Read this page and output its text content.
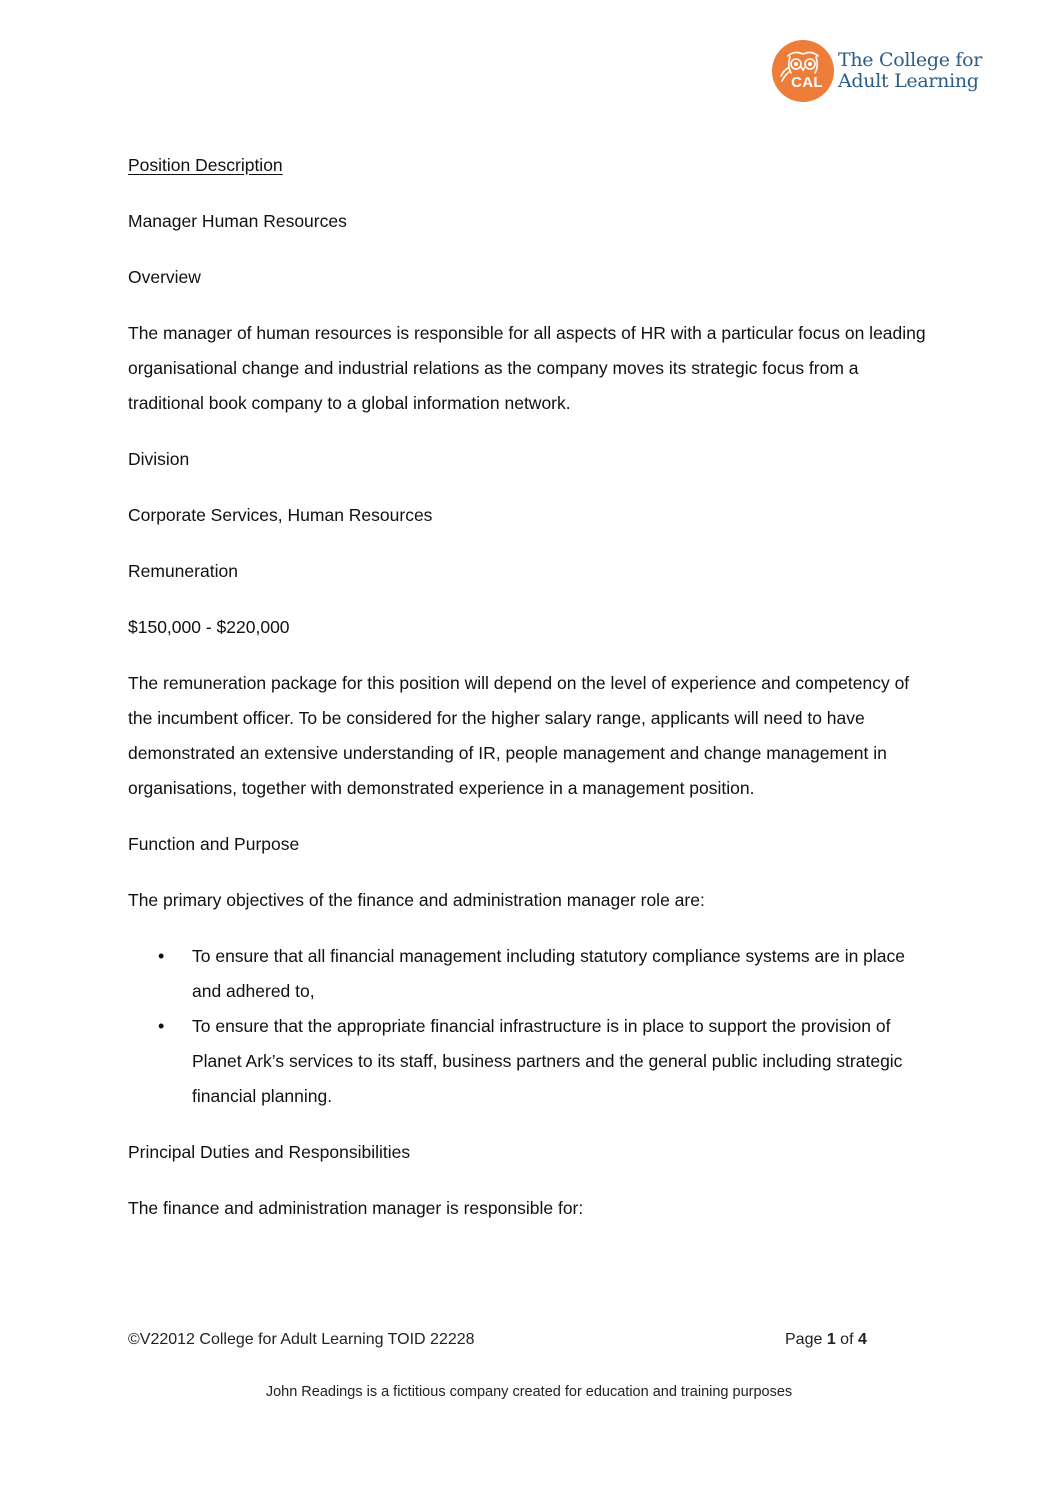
CAL
The College for
Adult Learning
Position Description
Manager Human Resources
Overview
The manager of human resources is responsible for all aspects of HR with a particular focus on leading organisational change and industrial relations as the company moves its strategic focus from a traditional book company to a global information network.
Division
Corporate Services, Human Resources
Remuneration
$150,000 - $220,000
The remuneration package for this position will depend on the level of experience and competency of the incumbent officer. To be considered for the higher salary range, applicants will need to have demonstrated an extensive understanding of IR, people management and change management in organisations, together with demonstrated experience in a management position.
Function and Purpose
The primary objectives of the finance and administration manager role are:
• To ensure that all financial management including statutory compliance systems are in place and adhered to,
• To ensure that the appropriate financial infrastructure is in place to support the provision of Planet Ark’s services to its staff, business partners and the general public including strategic financial planning.
Principal Duties and Responsibilities
The finance and administration manager is responsible for:
©V22012 College for Adult Learning TOID 22228	Page 1 of 4
John Readings is a fictitious company created for education and training purposes
